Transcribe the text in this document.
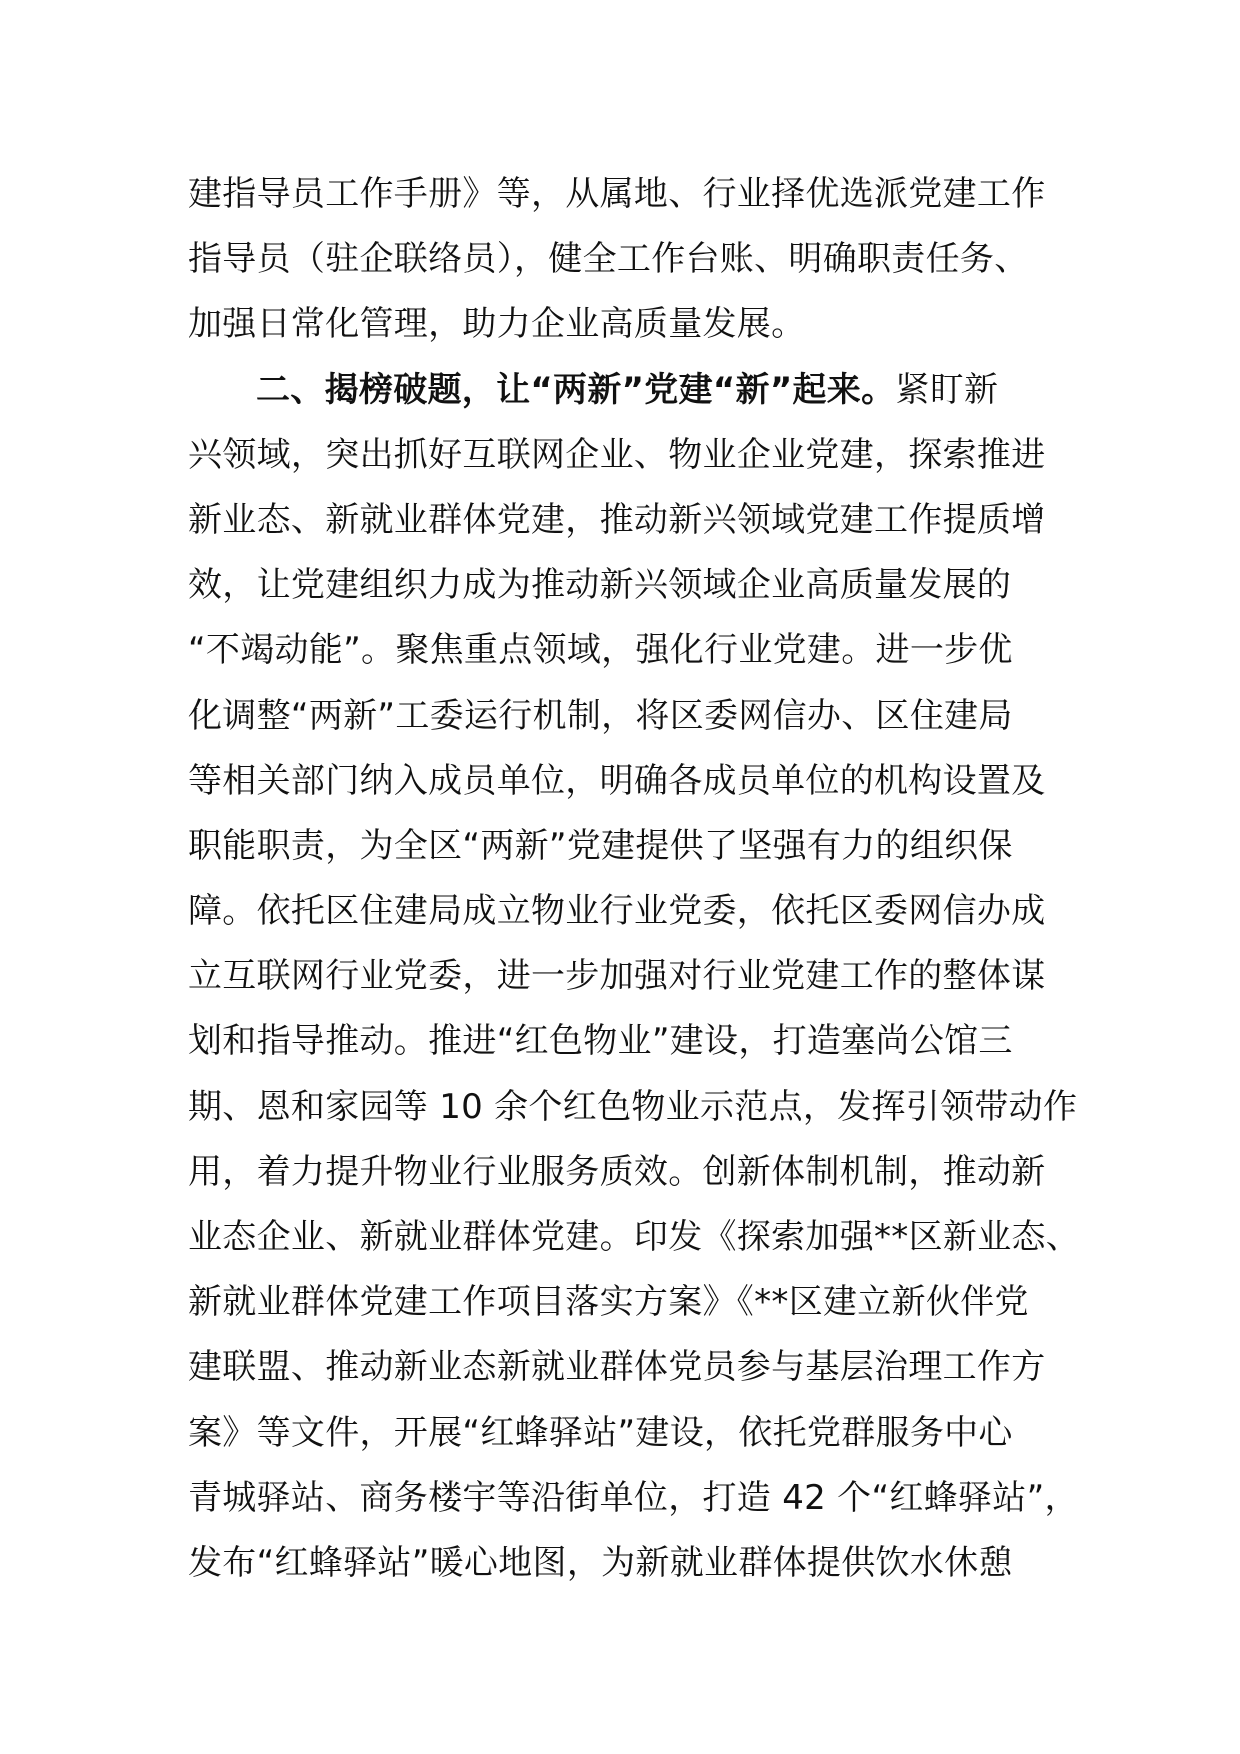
建指导员工作手册》等，从属地、行业择优选派党建工作
指导员（驻企联络员），健全工作台账、明确职责任务、
加强日常化管理，助力企业高质量发展。
二、揭榜破题，让“两新”党建“新”起来。紧盯新
兴领域，突出抓好互联网企业、物业企业党建，探索推进
新业态、新就业群体党建，推动新兴领域党建工作提质增
效，让党建组织力成为推动新兴领域企业高质量发展的
“不竭动能”。聚焦重点领域，强化行业党建。进一步优
化调整“两新”工委运行机制，将区委网信办、区住建局
等相关部门纳入成员单位，明确各成员单位的机构设置及
职能职责，为全区“两新”党建提供了坚强有力的组织保
障。依托区住建局成立物业行业党委，依托区委网信办成
立互联网行业党委，进一步加强对行业党建工作的整体谋
划和指导推动。推进“红色物业”建设，打造塞尚公馆三
期、恩和家园等 10 余个红色物业示范点，发挥引领带动作
用，着力提升物业行业服务质效。创新体制机制，推动新
业态企业、新就业群体党建。印发《探索加强**区新业态、
新就业群体党建工作项目落实方案》《**区建立新伙伴党
建联盟、推动新业态新就业群体党员参与基层治理工作方
案》等文件，开展“红蜂驿站”建设，依托党群服务中心
青城驿站、商务楼宇等沿街单位，打造 42 个“红蜂驿站”，
发布“红蜂驿站”暖心地图，为新就业群体提供饮水休憩
